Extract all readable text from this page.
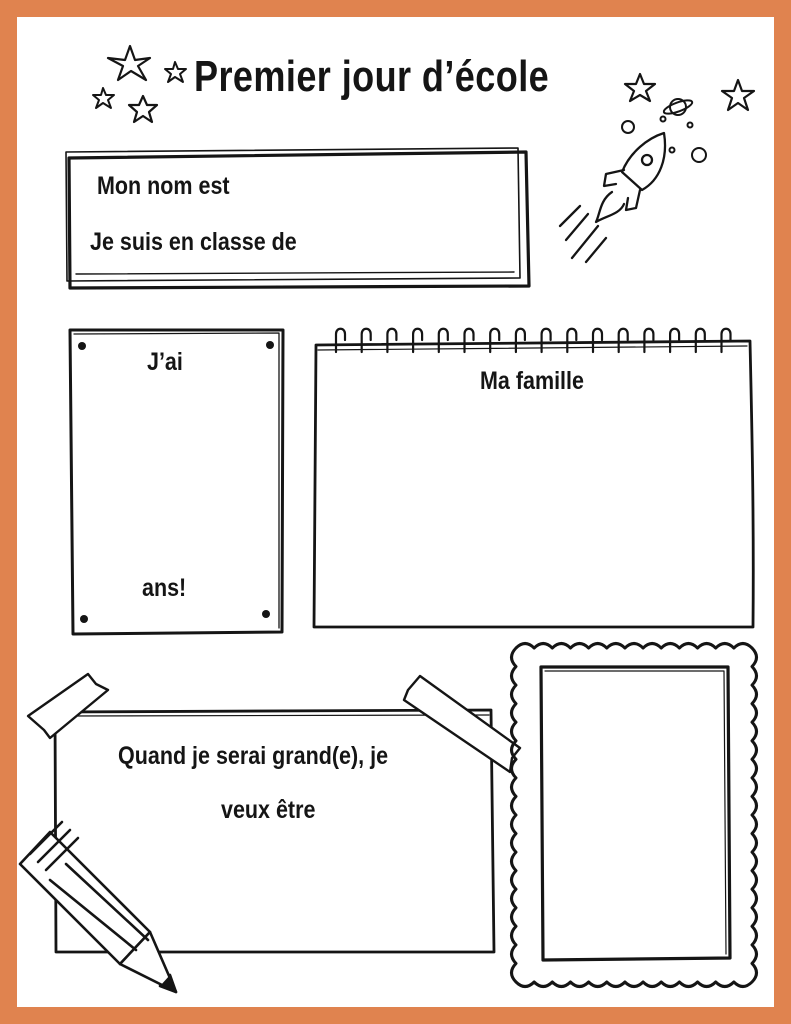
Premier jour d’école
Mon nom est
Je suis en classe de
J’ai
ans!
Ma famille
Quand je serai grand(e), je
veux être
